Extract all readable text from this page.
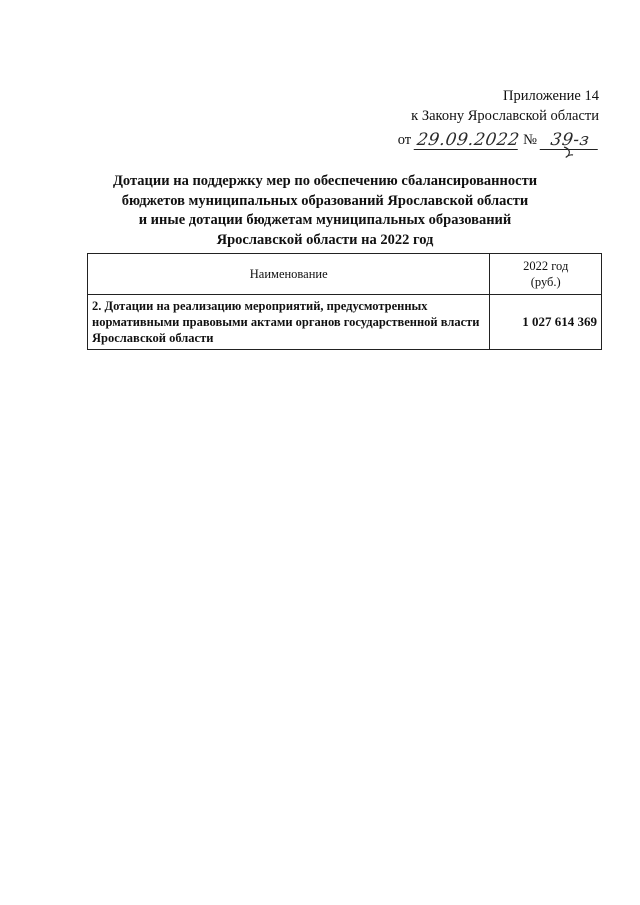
Приложение 14
к Закону Ярославской области
от 29.09.2022 № 39-з
Дотации на поддержку мер по обеспечению сбалансированности
бюджетов муниципальных образований Ярославской области
и иные дотации бюджетам муниципальных образований
Ярославской области на 2022 год
Наименование	2022 год
(руб.)

2. Дотации на реализацию мероприятий, предусмотренных нормативными правовыми актами органов государственной власти Ярославской области	1 027 614 369
